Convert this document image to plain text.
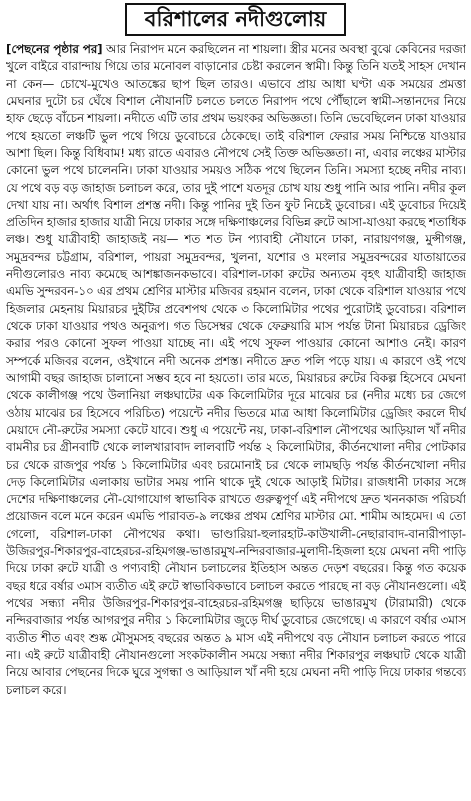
বরিশালের নদীগুলোয়

[পেছনের পৃষ্ঠার পর] আর নিরাপদ মনে করছিলেন না শায়লা। স্ত্রীর মনের অবস্থা বুঝে কেবিনের দরজা খুলে বাইরে বারান্দায় গিয়ে তার মনোবল বাড়ানোর চেষ্টা করলেন স্বামী। কিন্তু তিনি যতই সাহস দেখান না কেন— চোখে-মুখেও আতঙ্কের ছাপ ছিল তারও। এভাবে প্রায় আধা ঘণ্টা এক সময়ের প্রমত্তা মেঘনার দুটো চর ঘেঁষে বিশাল নৌযানটি চলতে চলতে নিরাপদ পথে পৌঁছালে স্বামী-সন্তানদের নিয়ে হাফ ছেড়ে বাঁচেন শায়লা। নদীতে এটি তার প্রথম ভয়ংকর অভিজ্ঞতা। তিনি ভেবেছিলেন ঢাকা যাওয়ার পথে হয়তো লঞ্চটি ভুল পথে গিয়ে ডুবোচরে ঠেকেছে। তাই বরিশাল ফেরার সময় নিশ্চিন্তে যাওয়ার আশা ছিল। কিন্তু বিধিবাম! মধ্য রাতে এবারও নৌপথে সেই তিক্ত অভিজ্ঞতা। না, এবার লঞ্চের মাস্টার কোনো ভুল পথে চালেননি। ঢাকা যাওয়ার সময়ও সঠিক পথে ছিলেন তিনি। সমস্যা হচ্ছে নদীর নাব্য। যে পথে বড় বড় জাহাজ চলাচল করে, তার দুই পাশে যতদূর চোখ যায় শুধু পানি আর পানি। নদীর কূল দেখা যায় না। অর্থাৎ বিশাল প্রশস্ত নদী। কিন্তু পানির দুই তিন ফুট নিচেই ডুবোচর। এই ডুবোচর দিয়েই প্রতিদিন হাজার হাজার যাত্রী নিয়ে ঢাকার সঙ্গে দক্ষিণাঞ্চলের বিভিন্ন রুটে আসা-যাওয়া করছে শতাধিক লঞ্চ। শুধু যাত্রীবাহী জাহাজই নয়— শত শত টন প্যাবাহী নৌযানে ঢাকা, নারায়ণগঞ্জ, মুন্সীগঞ্জ, সমুদ্রবন্দর চট্টগ্রাম, বরিশাল, পায়রা সমুদ্রবন্দর, খুলনা, যশোর ও মংলার সমুদ্রবন্দরের যাতায়াতের নদীগুলোরও নাব্য কমেছে আশঙ্কাজনকভাবে। বরিশাল-ঢাকা রুটের অন্যতম বৃহৎ যাত্রীবাহী জাহাজ এমভি সুন্দরবন-১০ এর প্রথম শ্রেণির মাস্টার মজিবর রহমান বলেন, ঢাকা থেকে বরিশাল যাওয়ার পথে হিজলার মেহনায় মিয়ারচর দুইটির প্রবেশপথ থেকে ৩ কিলোমিটার পথের পুরোটাই ডুবোচর। বরিশাল থেকে ঢাকা যাওয়ার পথও অনুরূপ। গত ডিসেম্বর থেকে ফেব্রুয়ারি মাস পর্যন্ত টানা মিয়ারচর ড্রেজিং করার পরও কোনো সুফল পাওয়া যাচ্ছে না। এই পথে সুফল পাওয়ার কোনো আশাও নেই। কারণ সম্পর্কে মজিবর বলেন, ওইখানে নদী অনেক প্রশস্ত। নদীতে দ্রুত পলি পড়ে যায়। এ কারণে ওই পথে আগামী বছর জাহাজ চালানো সম্ভব হবে না হয়তো। তার মতে, মিয়ারচর রুটের বিকল্প হিসেবে মেঘনা থেকে কালীগঞ্জ পথে উলানিয়া লঞ্চঘাটের এক কিলোমিটার দূরে মাঝের চর (নদীর মধ্যে চর জেগে ওঠায় মাঝের চর হিসেবে পরিচিত) পয়েন্টে নদীর ভিতরে মাত্র আধা কিলোমিটার ড্রেজিং করলে দীর্ঘ মেয়াদে নৌ-রুটের সমস্যা কেটে যাবে। শুধু এ পয়েন্টে নয়, ঢাকা-বরিশাল নৌপথের আড়িয়াল খাঁ নদীর বামনীর চর গ্রীনবাটি থেকে লালখারাবাদ লালবাটি পর্যন্ত ২ কিলোমিটার, কীর্তনখোলা নদীর পোটকার চর থেকে রাজপুর পর্যন্ত ১ কিলোমিটার এবং চরমোনাই চর থেকে লামছড়ি পর্যন্ত কীর্তনখোলা নদীর দেড় কিলোমিটার এলাকায় ভাটার সময় পানি থাকে দুই থেকে আড়াই মিটার। রাজধানী ঢাকার সঙ্গে দেশের দক্ষিণাঞ্চলের নৌ-যোগাযোগ স্বাভাবিক রাখতে গুরুত্বপূর্ণ এই নদীপথে দ্রুত খননকাজ পরিচর্যা প্রয়োজন বলে মনে করেন এমভি পারাবত-৯ লঞ্চের প্রথম শ্রেণির মাস্টার মো. শামীম আহমেদ। এ তো গেলো, বরিশাল-ঢাকা নৌপথের কথা। ভাণ্ডারিয়া-হুলারহাট-কাউখালী-নেছারাবাদ-বানারীপাড়া-উজিরপুর-শিকারপুর-বাহেরচর-রহিমগঞ্জ-ভাঙারমুখ-নন্দিরবাজার-মুলাদী-হিজলা হয়ে মেঘনা নদী পাড়ি দিয়ে ঢাকা রুটে যাত্রী ও পণ্যবাহী নৌযান চলাচলের ইতিহাস অন্তত দেড়শ বছরের। কিন্তু গত কয়েক বছর ধরে বর্ষার ৩মাস ব্যতীত এই রুটে স্বাভাবিকভাবে চলাচল করতে পারছে না বড় নৌযানগুলো। এই পথের সন্ধ্যা নদীর উজিরপুর-শিকারপুর-বাহেরচর-রহিমগঞ্জ ছাড়িয়ে ভাঙারমুখ (টারামারী) থেকে নন্দিরবাজার পর্যন্ত আগরপুর নদীর ১ কিলোমিটার জুড়ে দীর্ঘ ডুবোচর জেগেছে। এ কারণে বর্ষার ৩মাস ব্যতীত শীত এবং শুষ্ক মৌসুমসহ বছরের অন্তত ৯ মাস এই নদীপথে বড় নৌযান চলাচল করতে পারে না। এই রুটে যাত্রীবাহী নৌযানগুলো সংকটকালীন সময়ে সন্ধ্যা নদীর শিকারপুর লঞ্চঘাট থেকে যাত্রী নিয়ে আবার পেছনের দিকে ঘুরে সুগন্ধা ও আড়িয়াল খাঁ নদী হয়ে মেঘনা নদী পাড়ি দিয়ে ঢাকার গন্তব্যে চলাচল করে।
